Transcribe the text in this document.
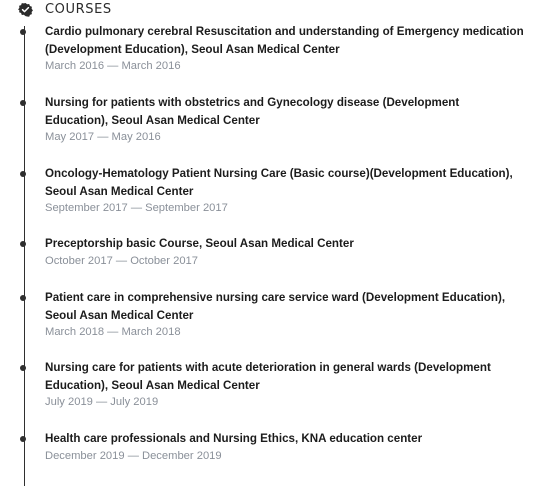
COURSES
Cardio pulmonary cerebral Resuscitation and understanding of Emergency medication (Development Education), Seoul Asan Medical Center
March 2016 — March 2016
Nursing for patients with obstetrics and Gynecology disease (Development Education), Seoul Asan Medical Center
May 2017 — May 2016
Oncology-Hematology Patient Nursing Care (Basic course)(Development Education), Seoul Asan Medical Center
September 2017 — September 2017
Preceptorship basic Course, Seoul Asan Medical Center
October 2017 — October 2017
Patient care in comprehensive nursing care service ward (Development Education), Seoul Asan Medical Center
March 2018 — March 2018
Nursing care for patients with acute deterioration in general wards (Development Education), Seoul Asan Medical Center
July 2019 — July 2019
Health care professionals and Nursing Ethics, KNA education center
December 2019 — December 2019
